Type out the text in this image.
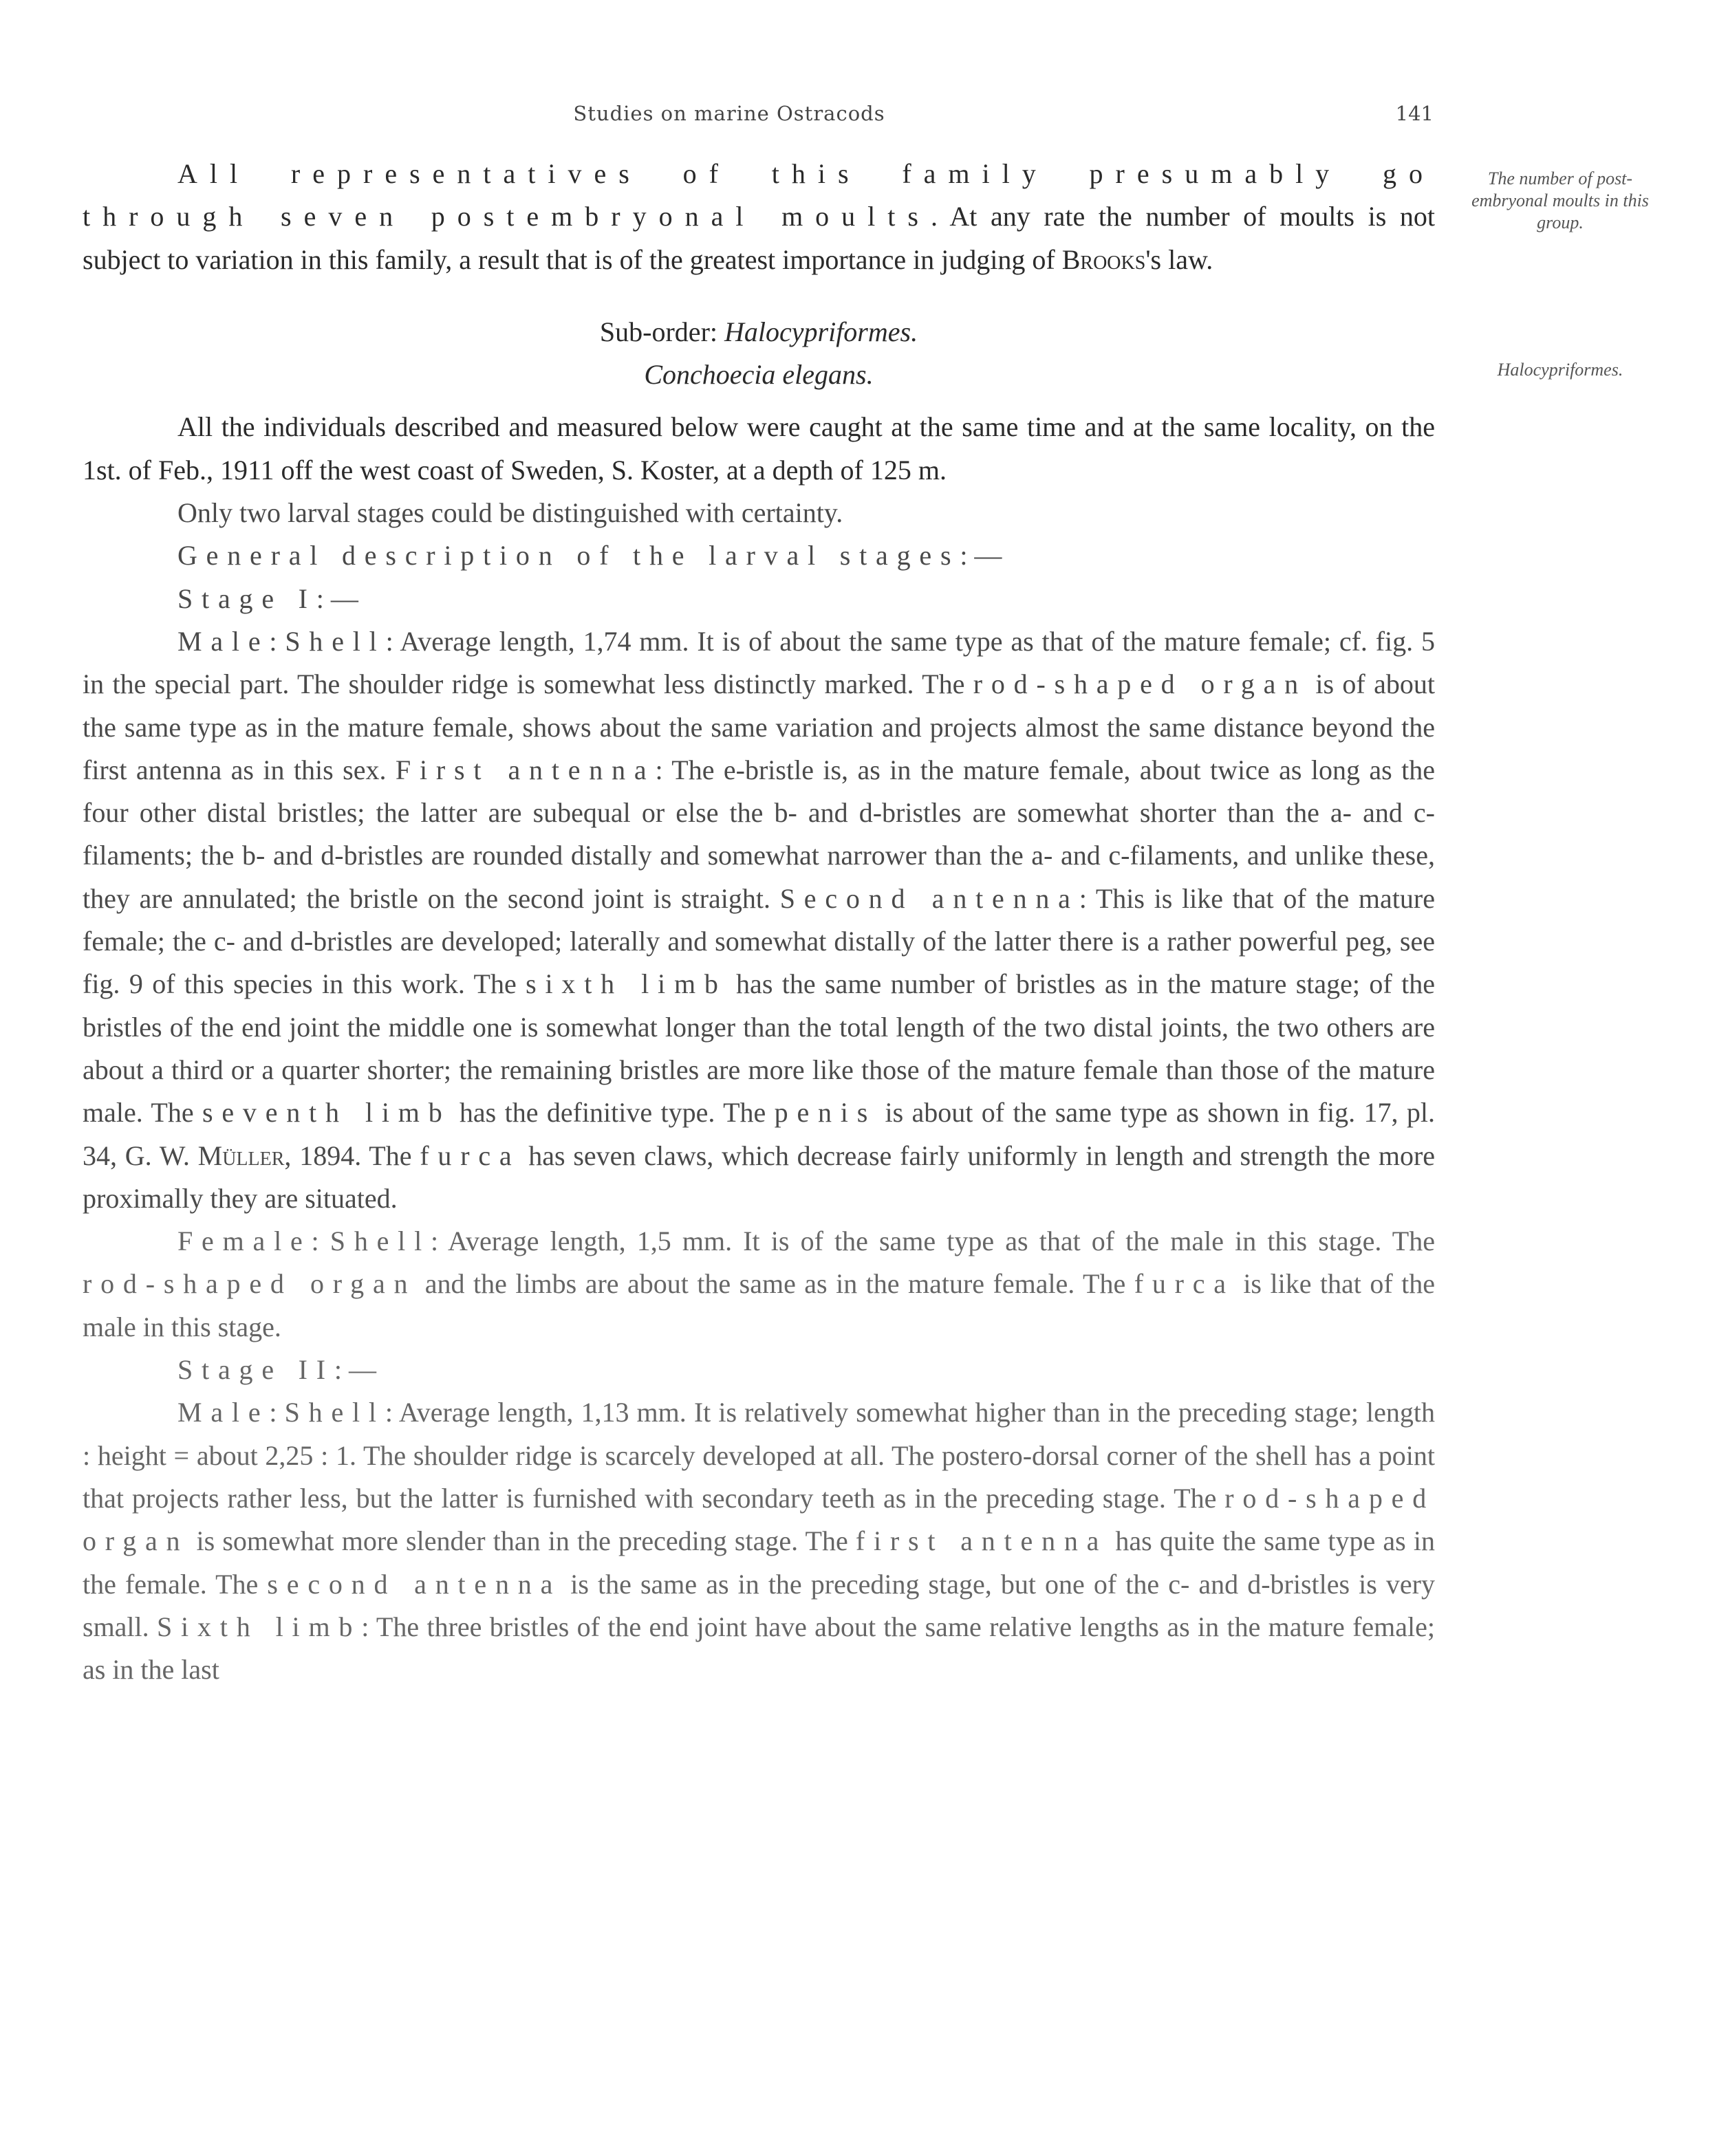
Studies on marine Ostracods	141
The number of post-embryonal moults in this group.
Halocypriformes.

All representatives of this family presumably go through seven postembryonal moults. At any rate the number of moults is not subject to variation in this family, a result that is of the greatest importance in judging of Brooks's law.

Sub-order: Halocypriformes.

Conchoecia elegans.

All the individuals described and measured below were caught at the same time and at the same locality, on the 1st. of Feb., 1911 off the west coast of Sweden, S. Koster, at a depth of 125 m.

Only two larval stages could be distinguished with certainty.

General description of the larval stages: —

Stage I: —

Male: Shell: Average length, 1,74 mm. It is of about the same type as that of the mature female; cf. fig. 5 in the special part. The shoulder ridge is somewhat less distinctly marked. The rod-shaped organ is of about the same type as in the mature female, shows about the same variation and projects almost the same distance beyond the first antenna as in this sex. First antenna: The e-bristle is, as in the mature female, about twice as long as the four other distal bristles; the latter are subequal or else the b- and d-bristles are somewhat shorter than the a- and c-filaments; the b- and d-bristles are rounded distally and somewhat narrower than the a- and c-filaments, and unlike these, they are annulated; the bristle on the second joint is straight. Second antenna: This is like that of the mature female; the c- and d-bristles are developed; laterally and somewhat distally of the latter there is a rather powerful peg, see fig. 9 of this species in this work. The sixth limb has the same number of bristles as in the mature stage; of the bristles of the end joint the middle one is somewhat longer than the total length of the two distal joints, the two others are about a third or a quarter shorter; the remaining bristles are more like those of the mature female than those of the mature male. The seventh limb has the definitive type. The penis is about of the same type as shown in fig. 17, pl. 34, G. W. Müller, 1894. The furca has seven claws, which decrease fairly uniformly in length and strength the more proximally they are situated.

Female: Shell: Average length, 1,5 mm. It is of the same type as that of the male in this stage. The rod-shaped organ and the limbs are about the same as in the mature female. The furca is like that of the male in this stage.

Stage II: —

Male: Shell: Average length, 1,13 mm. It is relatively somewhat higher than in the preceding stage; length : height = about 2,25 : 1. The shoulder ridge is scarcely developed at all. The postero-dorsal corner of the shell has a point that projects rather less, but the latter is furnished with secondary teeth as in the preceding stage. The rod-shaped organ is somewhat more slender than in the preceding stage. The first antenna has quite the same type as in the female. The second antenna is the same as in the preceding stage, but one of the c- and d-bristles is very small. Sixth limb: The three bristles of the end joint have about the same relative lengths as in the mature female; as in the last
